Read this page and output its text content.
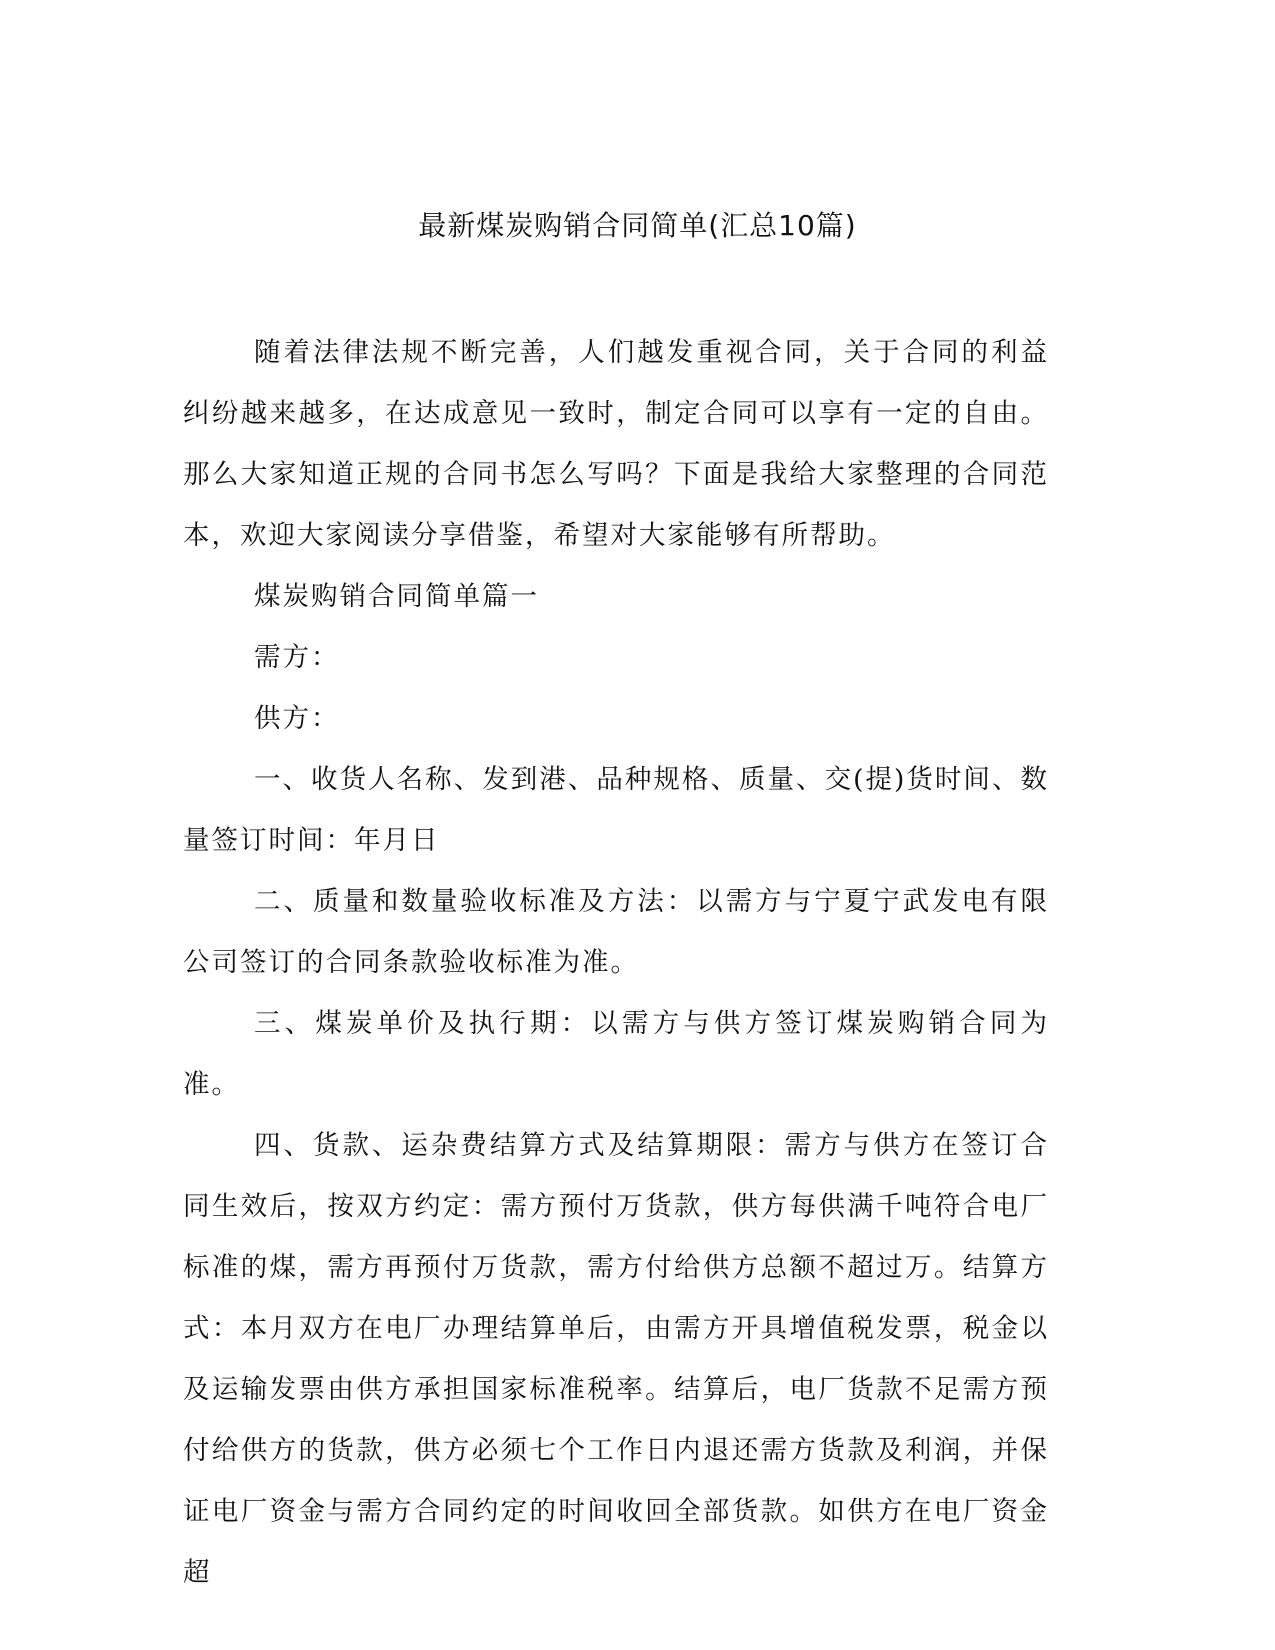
最新煤炭购销合同简单(汇总10篇)

随着法律法规不断完善，人们越发重视合同，关于合同的利益纠纷越来越多，在达成意见一致时，制定合同可以享有一定的自由。那么大家知道正规的合同书怎么写吗？下面是我给大家整理的合同范本，欢迎大家阅读分享借鉴，希望对大家能够有所帮助。

煤炭购销合同简单篇一

需方：

供方：

一、收货人名称、发到港、品种规格、质量、交(提)货时间、数量签订时间：年月日

二、质量和数量验收标准及方法：以需方与宁夏宁武发电有限公司签订的合同条款验收标准为准。

三、煤炭单价及执行期：以需方与供方签订煤炭购销合同为准。

四、货款、运杂费结算方式及结算期限：需方与供方在签订合同生效后，按双方约定：需方预付万货款，供方每供满千吨符合电厂标准的煤，需方再预付万货款，需方付给供方总额不超过万。结算方式：本月双方在电厂办理结算单后，由需方开具增值税发票，税金以及运输发票由供方承担国家标准税率。结算后，电厂货款不足需方预付给供方的货款，供方必须七个工作日内退还需方货款及利润，并保证电厂资金与需方合同约定的时间收回全部货款。如供方在电厂资金超
